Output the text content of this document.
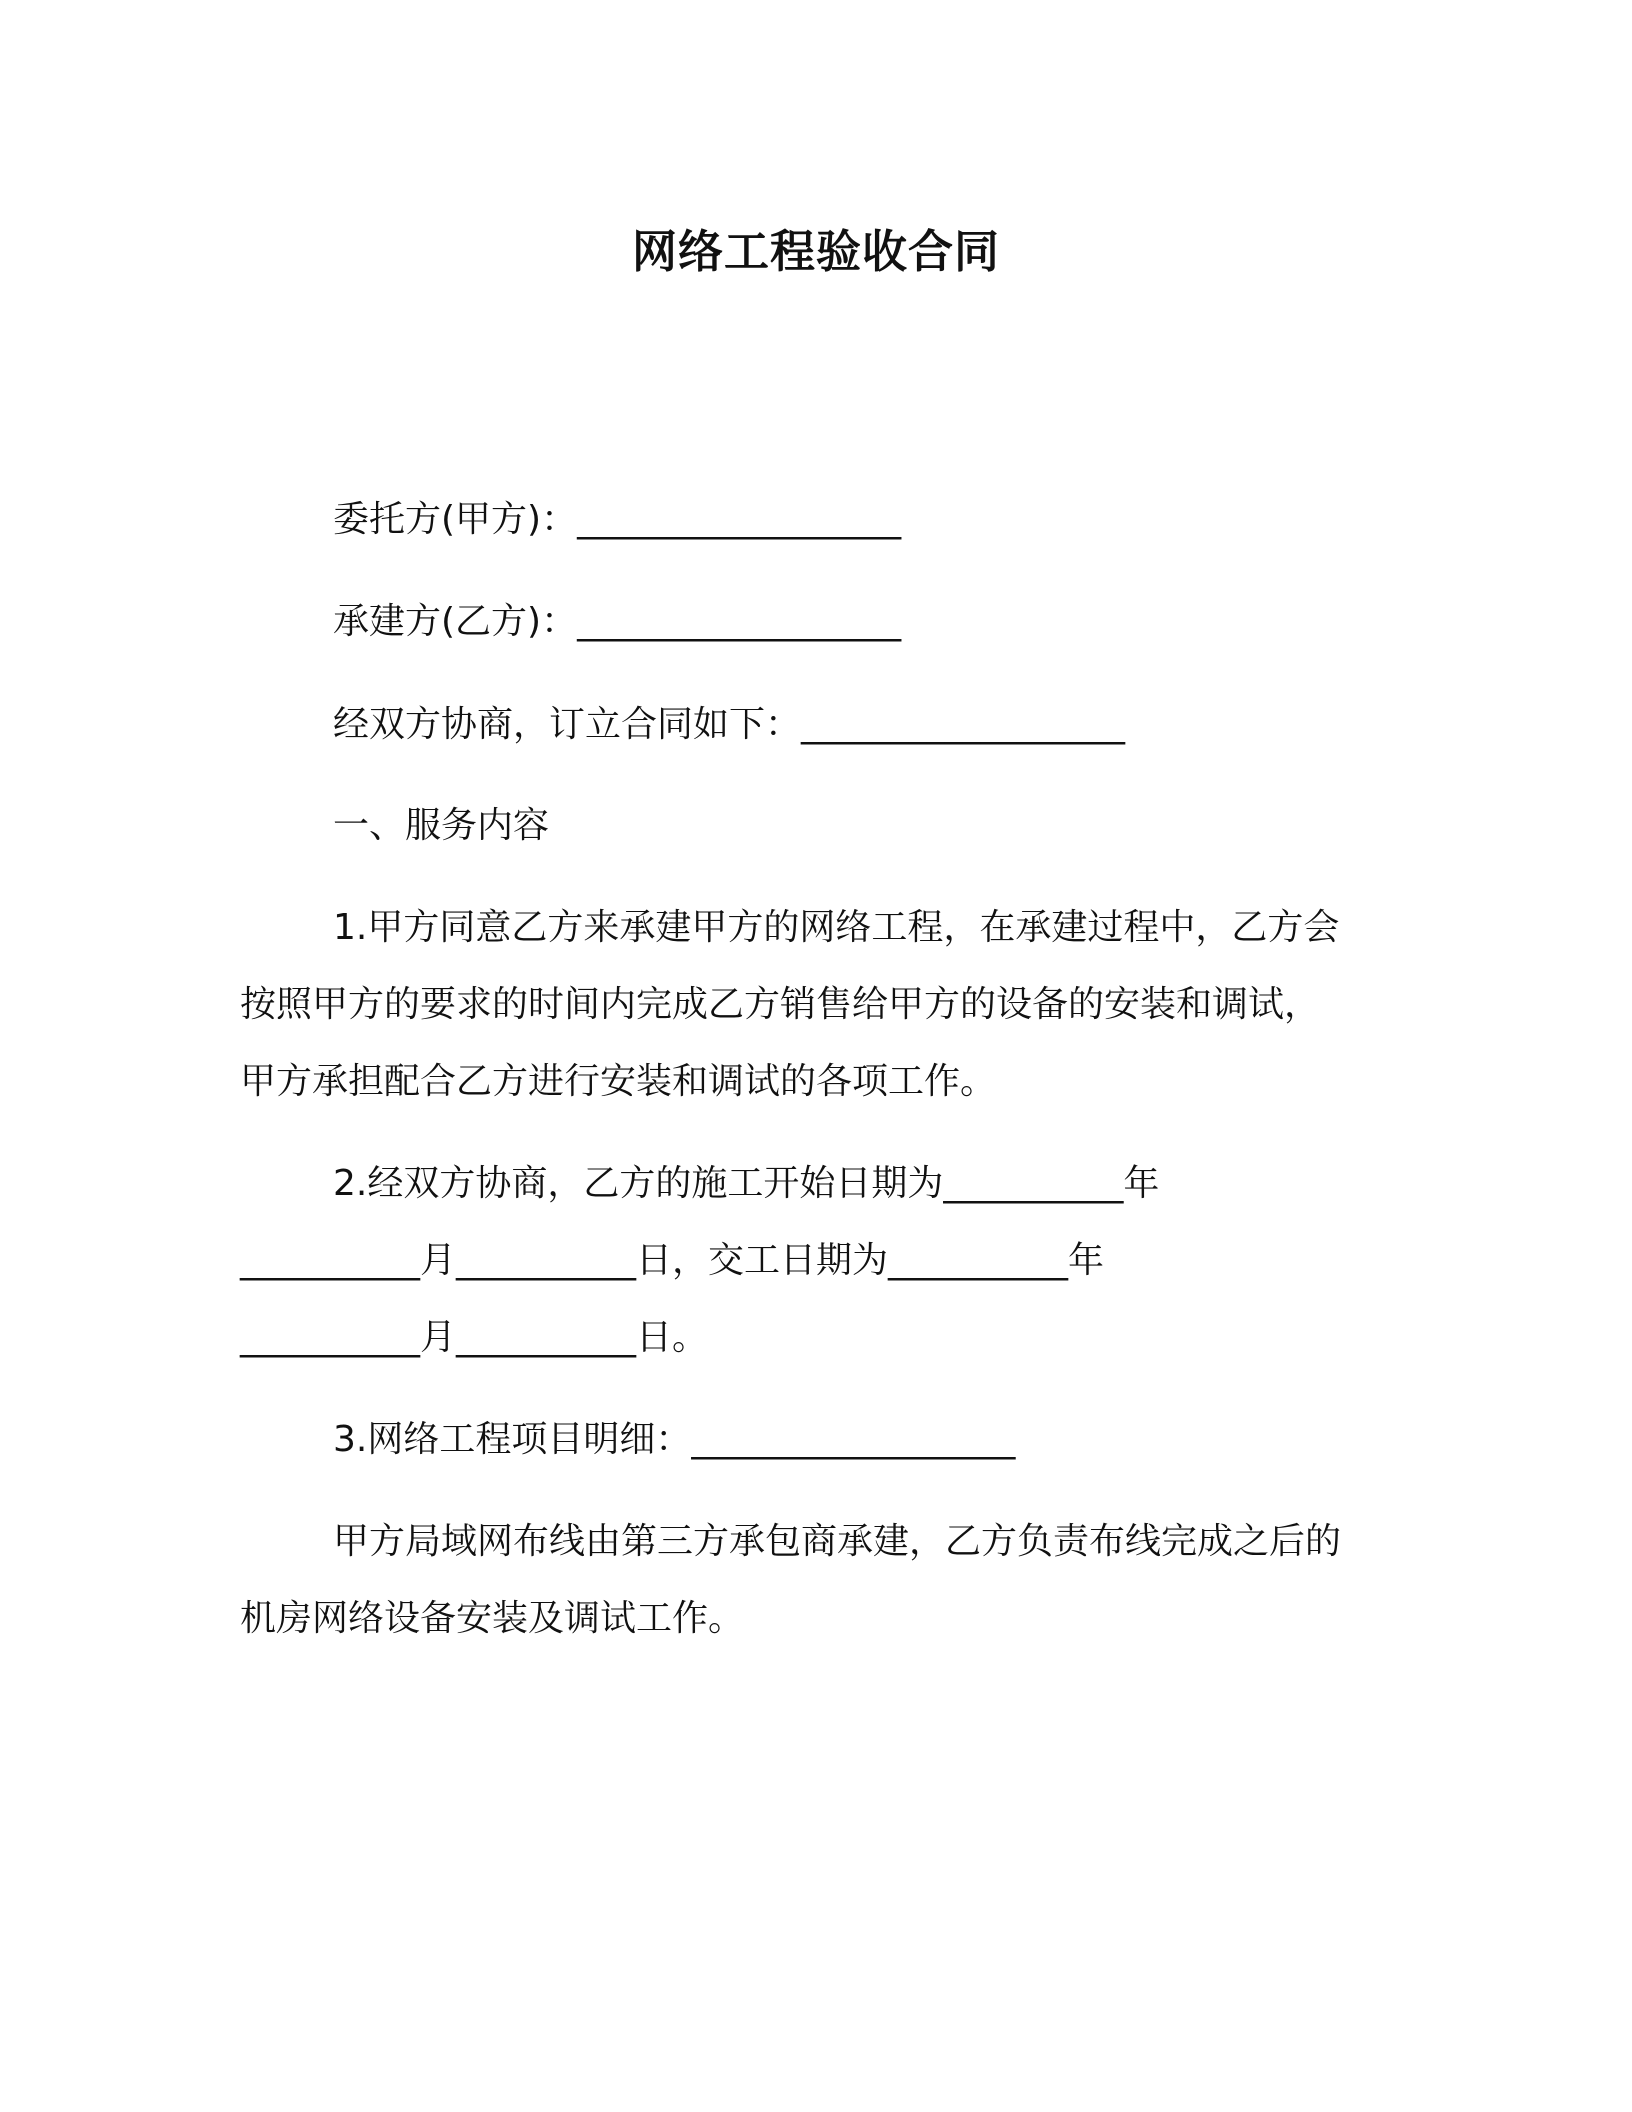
网络工程验收合同
委托方(甲方)：__________________
承建方(乙方)：__________________
经双方协商，订立合同如下：__________________
一、服务内容
1.甲方同意乙方来承建甲方的网络工程，在承建过程中，乙方会
按照甲方的要求的时间内完成乙方销售给甲方的设备的安装和调试，
甲方承担配合乙方进行安装和调试的各项工作。
2.经双方协商，乙方的施工开始日期为__________年
__________月__________日，交工日期为__________年
__________月__________日。
3.网络工程项目明细：__________________
甲方局域网布线由第三方承包商承建，乙方负责布线完成之后的
机房网络设备安装及调试工作。
